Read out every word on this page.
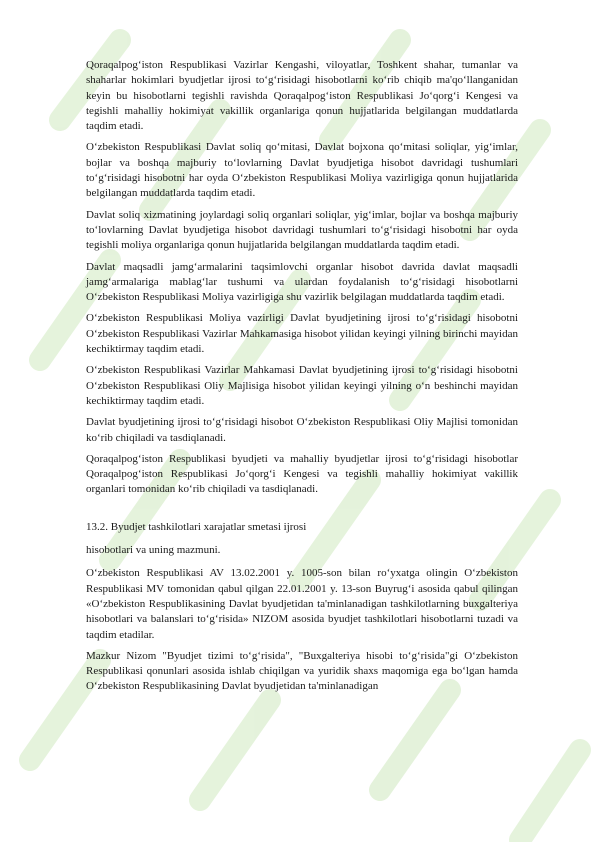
Qoraqalpog‘iston Respublikasi Vazirlar Kengashi, viloyatlar, Toshkent shahar, tumanlar va shaharlar hokimlari byudjetlar ijrosi to‘g‘risidagi hisobotlarni ko‘rib chiqib ma'qo‘llanganidan keyin bu hisobotlarni tegishli ravishda Qoraqalpog‘iston Respublikasi Jo‘qorg‘i Kengesi va tegishli mahalliy hokimiyat vakillik organlariga qonun hujjatlarida belgilangan muddatlarda taqdim etadi.

O‘zbekiston Respublikasi Davlat soliq qo‘mitasi, Davlat bojxona qo‘mitasi soliqlar, yig‘imlar, bojlar va boshqa majburiy to‘lovlarning Davlat byudjetiga hisobot davridagi tushumlari to‘g‘risidagi hisobotni har oyda O‘zbekiston Respublikasi Moliya vazirligiga qonun hujjatlarida belgilangan muddatlarda taqdim etadi.

Davlat soliq xizmatining joylardagi soliq organlari soliqlar, yig‘imlar, bojlar va boshqa majburiy to‘lovlarning Davlat byudjetiga hisobot davridagi tushumlari to‘g‘risidagi hisobotni har oyda tegishli moliya organlariga qonun hujjatlarida belgilangan muddatlarda taqdim etadi.

Davlat maqsadli jamg‘armalarini taqsimlovchi organlar hisobot davrida davlat maqsadli jamg‘armalariga mablag‘lar tushumi va ulardan foydalanish to‘g‘risidagi hisobotlarni O‘zbekiston Respublikasi Moliya vazirligiga shu vazirlik belgilagan muddatlarda taqdim etadi.

O‘zbekiston Respublikasi Moliya vazirligi Davlat byudjetining ijrosi to‘g‘risidagi hisobotni O‘zbekiston Respublikasi Vazirlar Mahkamasiga hisobot yilidan keyingi yilning birinchi mayidan kechiktirmay taqdim etadi.

O‘zbekiston Respublikasi Vazirlar Mahkamasi Davlat byudjetining ijrosi to‘g‘risidagi hisobotni O‘zbekiston Respublikasi Oliy Majlisiga hisobot yilidan keyingi yilning o‘n beshinchi mayidan kechiktirmay taqdim etadi.

Davlat byudjetining ijrosi to‘g‘risidagi hisobot O‘zbekiston Respublikasi Oliy Majlisi tomonidan ko‘rib chiqiladi va tasdiqlanadi.

Qoraqalpog‘iston Respublikasi byudjeti va mahalliy byudjetlar ijrosi to‘g‘risidagi hisobotlar Qoraqalpog‘iston Respublikasi Jo‘qorg‘i Kengesi va tegishli mahalliy hokimiyat vakillik organlari tomonidan ko‘rib chiqiladi va tasdiqlanadi.

13.2. Byudjet tashkilotlari xarajatlar smetasi ijrosi

hisobotlari va uning mazmuni.

O‘zbekiston Respublikasi AV 13.02.2001 y. 1005-son bilan ro‘yxatga olingin O‘zbekiston Respublikasi MV tomonidan qabul qilgan 22.01.2001 y. 13-son Buyrug‘i asosida qabul qilingan «O‘zbekiston Respublikasining Davlat byudjetidan ta'minlanadigan tashkilotlarning buxgalteriya hisobotlari va balanslari to‘g‘risida» NIZOM asosida byudjet tashkilotlari hisobotlarni tuzadi va taqdim etadilar.

Mazkur Nizom "Byudjet tizimi to‘g‘risida", "Buxgalteriya hisobi to‘g‘risida"gi O‘zbekiston Respublikasi qonunlari asosida ishlab chiqilgan va yuridik shaxs maqomiga ega bo‘lgan hamda O‘zbekiston Respublikasining Davlat byudjetidan ta'minlanadigan
